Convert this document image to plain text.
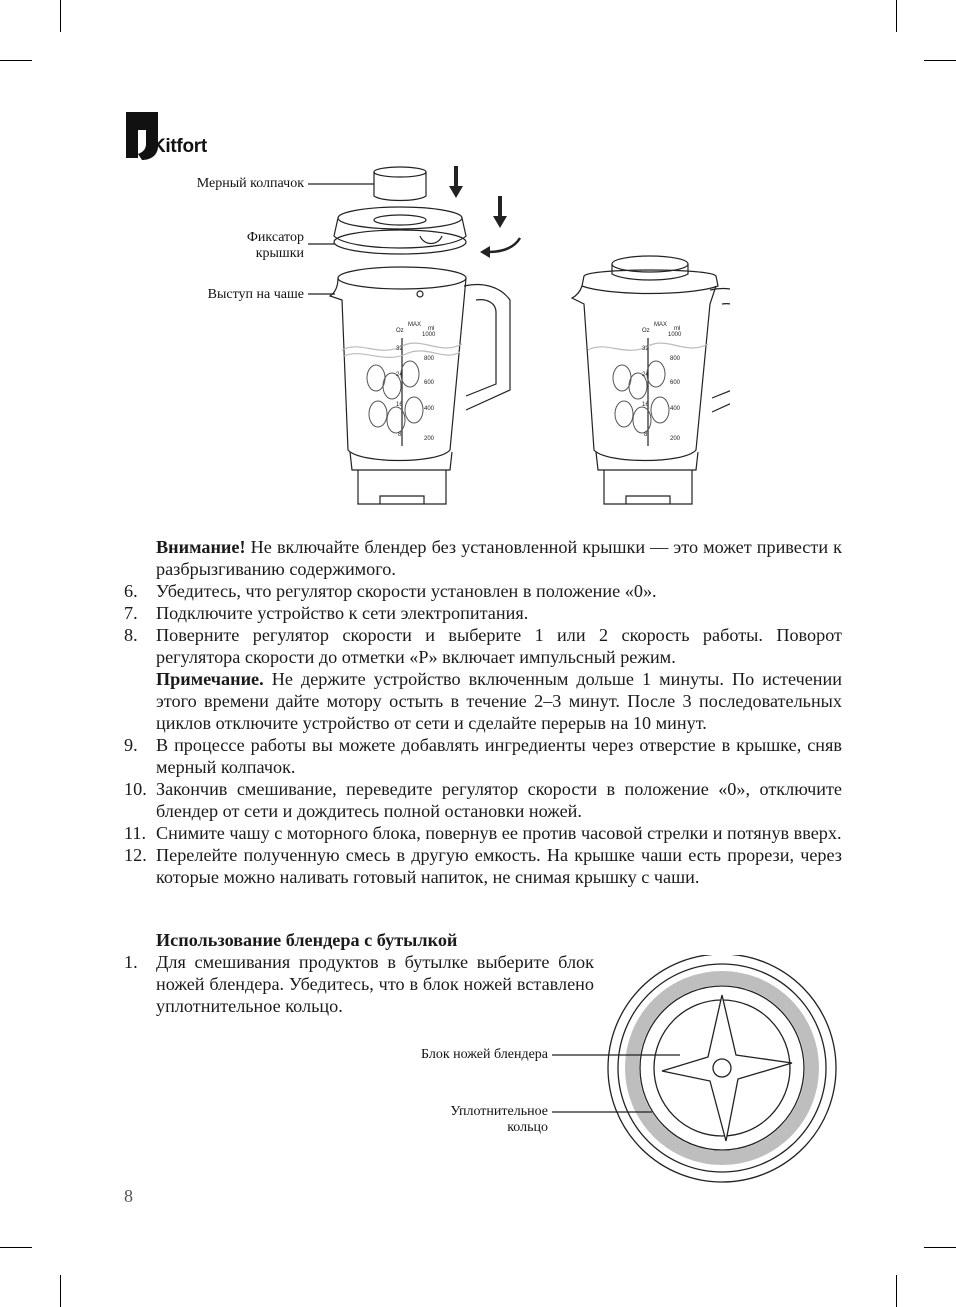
Kitfort
Oz
MAX
ml
32
24
16
8
1000
800
600
400
200
Oz
MAX
ml
32
24
16
8
1000
800
600
400
200
Мерный колпачок
Фиксатор
крышки
Выступ на чаше
Внимание! Не включайте блендер без установленной крышки — это может привести к разбрызгиванию содержимого.
6. Убедитесь, что регулятор скорости установлен в положение «0».
7. Подключите устройство к сети электропитания.
8. Поверните регулятор скорости и выберите 1 или 2 скорость работы. Поворот регулятора скорости до отметки «P» включает импульсный режим.
Примечание. Не держите устройство включенным дольше 1 минуты. По истечении этого времени дайте мотору остыть в течение 2–3 минут. После 3 последовательных циклов отключите устройство от сети и сделайте перерыв на 10 минут.
9. В процессе работы вы можете добавлять ингредиенты через отверстие в крышке, сняв мерный колпачок.
10. Закончив смешивание, переведите регулятор скорости в положение «0», отключите блендер от сети и дождитесь полной остановки ножей.
11. Снимите чашу с моторного блока, повернув ее против часовой стрелки и потянув вверх.
12. Перелейте полученную смесь в другую емкость. На крышке чаши есть прорези, через которые можно наливать готовый напиток, не снимая крышку с чаши.
Использование блендера с бутылкой
1. Для смешивания продуктов в бутылке выберите блок ножей блендера. Убедитесь, что в блок ножей вставлено уплотнительное кольцо.
Блок ножей блендера
Уплотнительное
кольцо
8
